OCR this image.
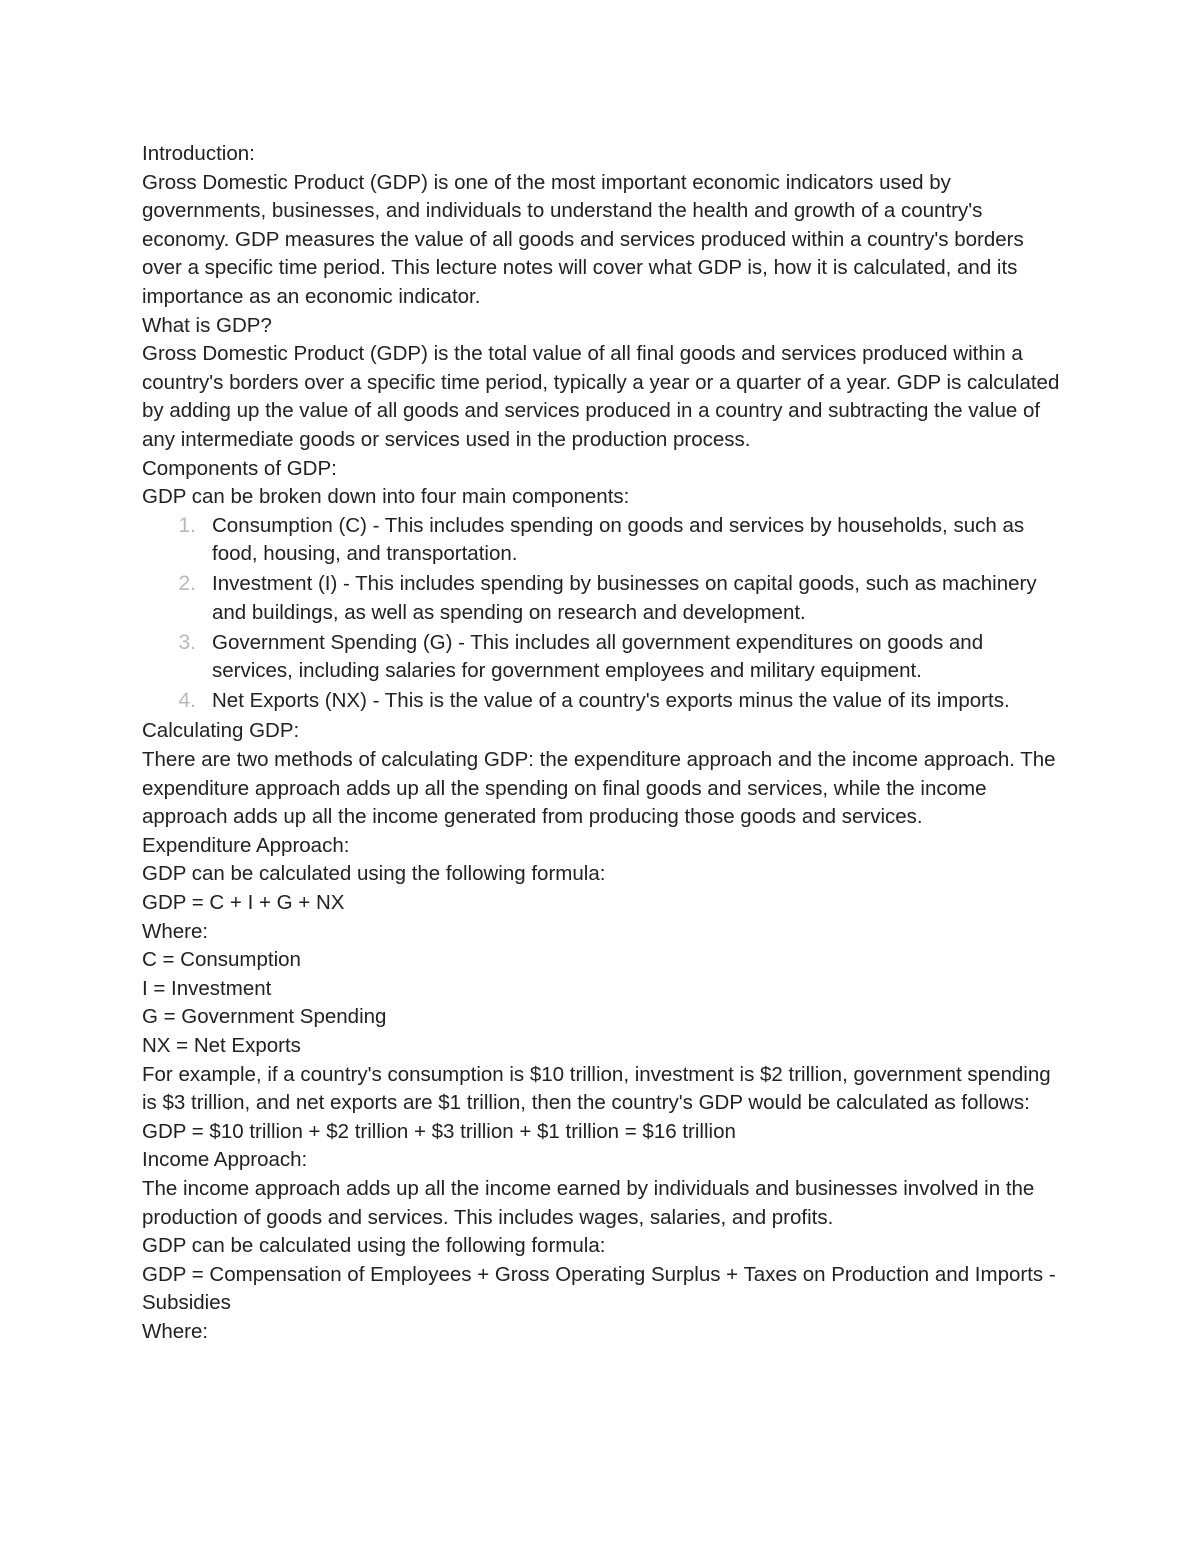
Introduction:

Gross Domestic Product (GDP) is one of the most important economic indicators used by governments, businesses, and individuals to understand the health and growth of a country's economy. GDP measures the value of all goods and services produced within a country's borders over a specific time period. This lecture notes will cover what GDP is, how it is calculated, and its importance as an economic indicator.

What is GDP?

Gross Domestic Product (GDP) is the total value of all final goods and services produced within a country's borders over a specific time period, typically a year or a quarter of a year. GDP is calculated by adding up the value of all goods and services produced in a country and subtracting the value of any intermediate goods or services used in the production process.

Components of GDP:

GDP can be broken down into four main components:

1. Consumption (C) - This includes spending on goods and services by households, such as food, housing, and transportation.
2. Investment (I) - This includes spending by businesses on capital goods, such as machinery and buildings, as well as spending on research and development.
3. Government Spending (G) - This includes all government expenditures on goods and services, including salaries for government employees and military equipment.
4. Net Exports (NX) - This is the value of a country's exports minus the value of its imports.

Calculating GDP:

There are two methods of calculating GDP: the expenditure approach and the income approach. The expenditure approach adds up all the spending on final goods and services, while the income approach adds up all the income generated from producing those goods and services.

Expenditure Approach:

GDP can be calculated using the following formula:

GDP = C + I + G + NX

Where:

C = Consumption

I = Investment

G = Government Spending

NX = Net Exports

For example, if a country's consumption is $10 trillion, investment is $2 trillion, government spending is $3 trillion, and net exports are $1 trillion, then the country's GDP would be calculated as follows:

GDP = $10 trillion + $2 trillion + $3 trillion + $1 trillion = $16 trillion

Income Approach:

The income approach adds up all the income earned by individuals and businesses involved in the production of goods and services. This includes wages, salaries, and profits.

GDP can be calculated using the following formula:

GDP = Compensation of Employees + Gross Operating Surplus + Taxes on Production and Imports - Subsidies

Where:
